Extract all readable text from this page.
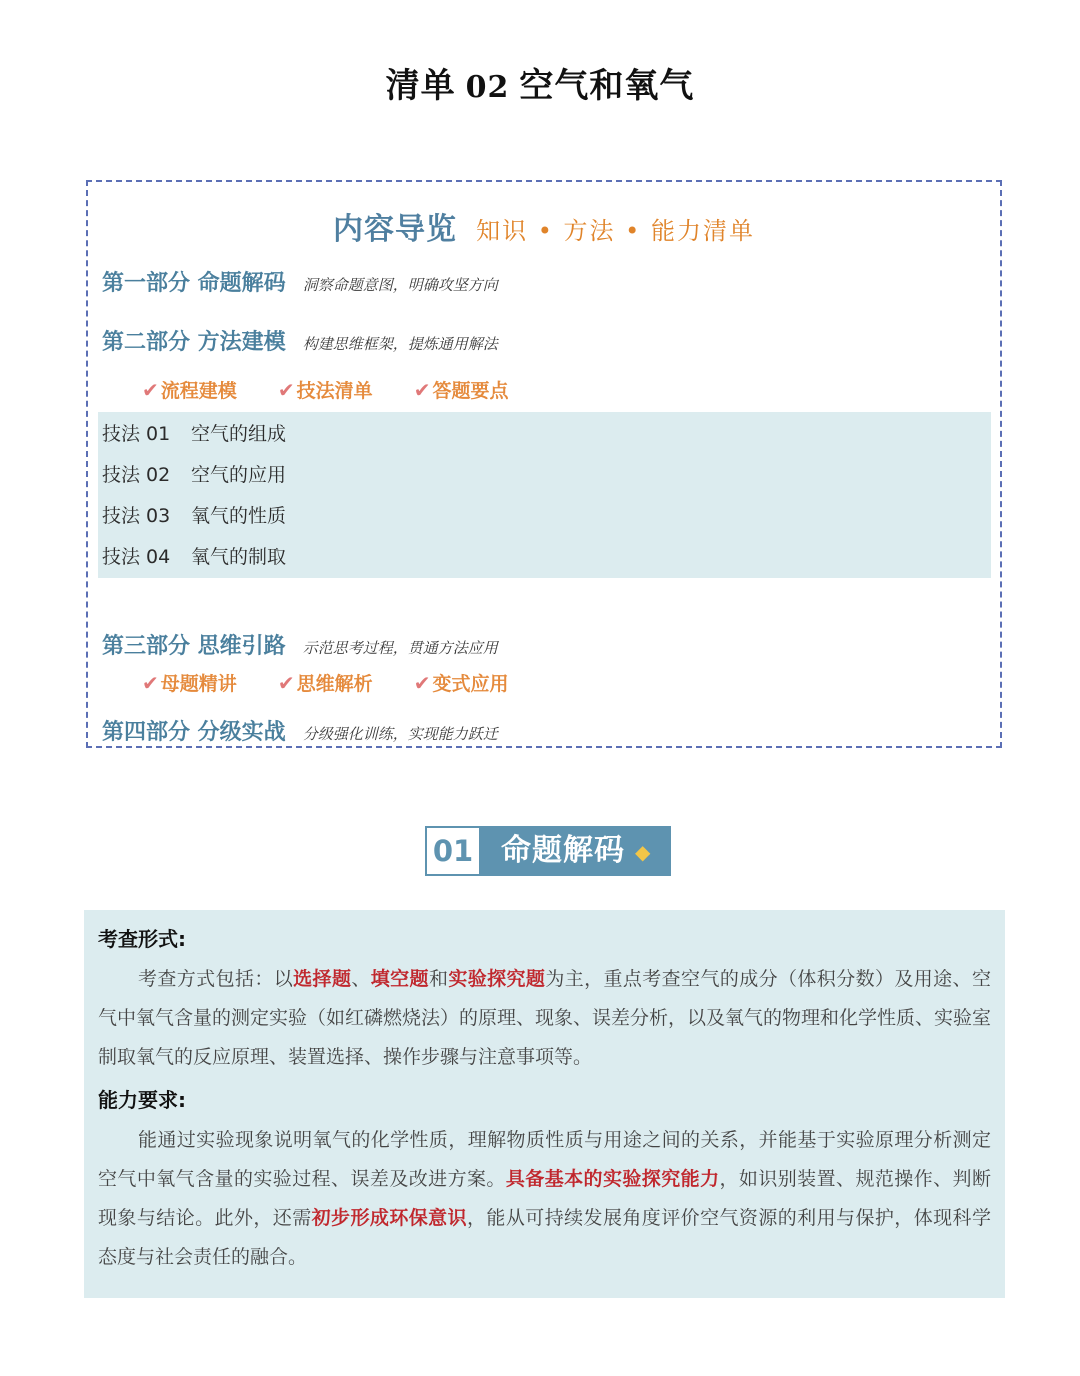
清单 02 空气和氧气
内容导览 知识 • 方法 • 能力清单
第一部分 命题解码 洞察命题意图，明确攻坚方向
第二部分 方法建模 构建思维框架，提炼通用解法
✔ 流程建模 ✔ 技法清单 ✔ 答题要点
技法 01 空气的组成
技法 02 空气的应用
技法 03 氧气的性质
技法 04 氧气的制取
第三部分 思维引路 示范思考过程，贯通方法应用
✔ 母题精讲 ✔ 思维解析 ✔ 变式应用
第四部分 分级实战 分级强化训练，实现能力跃迁
01 命题解码 ◆
考查形式:
考查方式包括：以选择题、填空题和实验探究题为主，重点考查空气的成分（体积分数）及用途、空气中氧气含量的测定实验（如红磷燃烧法）的原理、现象、误差分析，以及氧气的物理和化学性质、实验室制取氧气的反应原理、装置选择、操作步骤与注意事项等。
能力要求:
能通过实验现象说明氧气的化学性质，理解物质性质与用途之间的关系，并能基于实验原理分析测定空气中氧气含量的实验过程、误差及改进方案。具备基本的实验探究能力，如识别装置、规范操作、判断现象与结论。此外，还需初步形成环保意识，能从可持续发展角度评价空气资源的利用与保护，体现科学态度与社会责任的融合。
